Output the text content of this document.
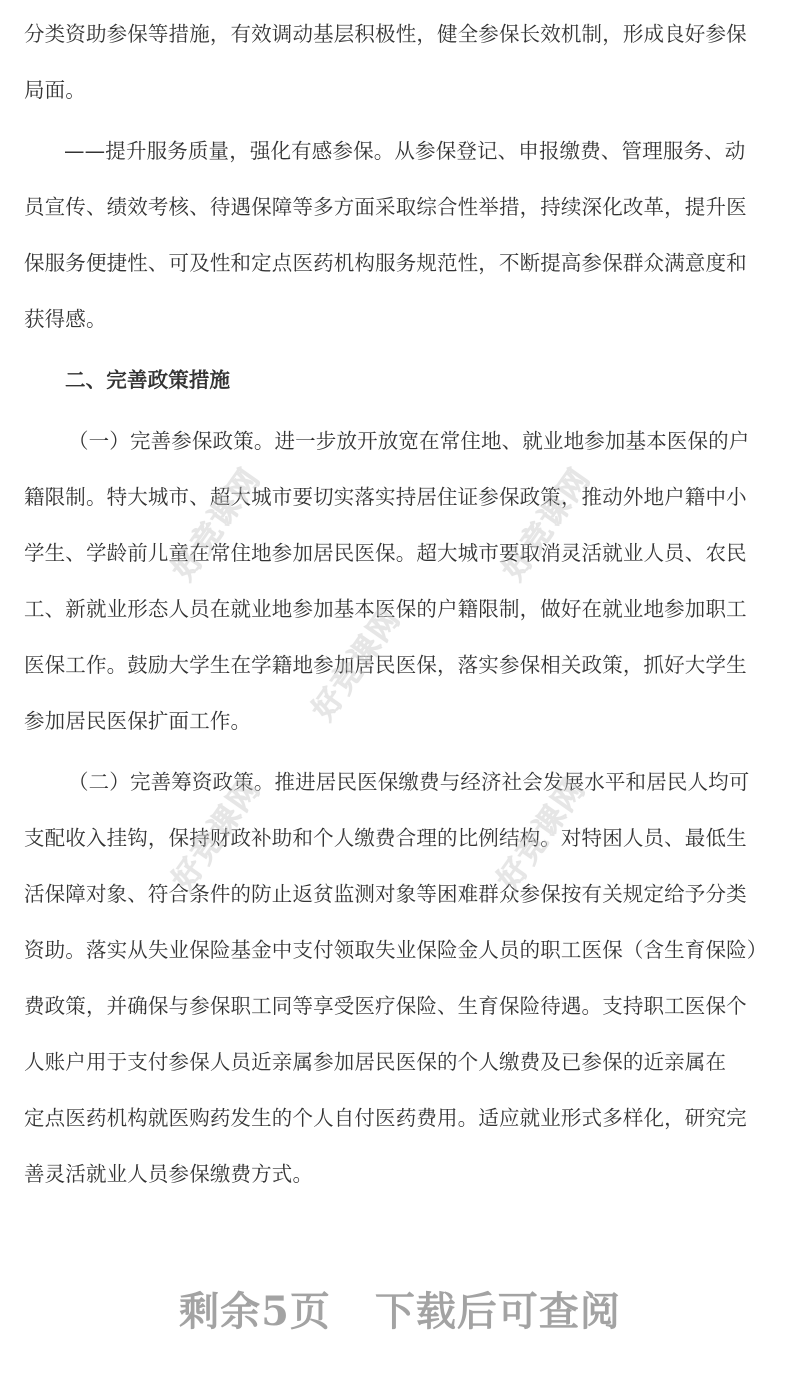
分类资助参保等措施，有效调动基层积极性，健全参保长效机制，形成良好参保
局面。
——提升服务质量，强化有感参保。从参保登记、申报缴费、管理服务、动
员宣传、绩效考核、待遇保障等多方面采取综合性举措，持续深化改革，提升医
保服务便捷性、可及性和定点医药机构服务规范性，不断提高参保群众满意度和
获得感。
二、完善政策措施
（一）完善参保政策。进一步放开放宽在常住地、就业地参加基本医保的户
籍限制。特大城市、超大城市要切实落实持居住证参保政策，推动外地户籍中小
学生、学龄前儿童在常住地参加居民医保。超大城市要取消灵活就业人员、农民
工、新就业形态人员在就业地参加基本医保的户籍限制，做好在就业地参加职工
医保工作。鼓励大学生在学籍地参加居民医保，落实参保相关政策，抓好大学生
参加居民医保扩面工作。
（二）完善筹资政策。推进居民医保缴费与经济社会发展水平和居民人均可
支配收入挂钩，保持财政补助和个人缴费合理的比例结构。对特困人员、最低生
活保障对象、符合条件的防止返贫监测对象等困难群众参保按有关规定给予分类
资助。落实从失业保险基金中支付领取失业保险金人员的职工医保（含生育保险）
费政策，并确保与参保职工同等享受医疗保险、生育保险待遇。支持职工医保个
人账户用于支付参保人员近亲属参加居民医保的个人缴费及已参保的近亲属在
定点医药机构就医购药发生的个人自付医药费用。适应就业形式多样化，研究完
善灵活就业人员参保缴费方式。
好竞课网	好竞课网
好竞课网
好竞课网	好竞课网
剩余5页 下载后可查阅
